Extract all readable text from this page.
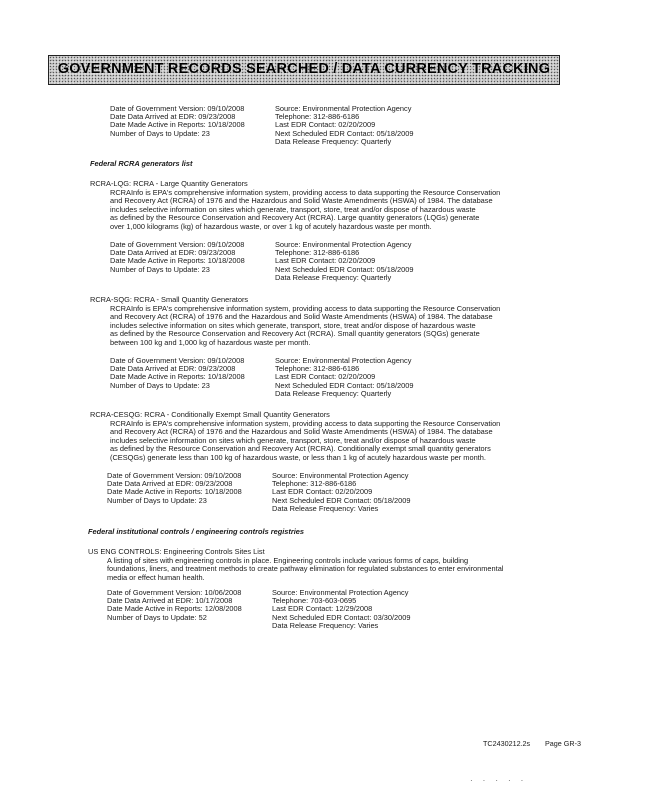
GOVERNMENT RECORDS SEARCHED / DATA CURRENCY TRACKING
Date of Government Version: 09/10/2008
Date Data Arrived at EDR: 09/23/2008
Date Made Active in Reports: 10/18/2008
Number of Days to Update: 23
Source: Environmental Protection Agency
Telephone: 312-886-6186
Last EDR Contact: 02/20/2009
Next Scheduled EDR Contact: 05/18/2009
Data Release Frequency: Quarterly
Federal RCRA generators list
RCRA-LQG: RCRA - Large Quantity Generators
RCRAInfo is EPA's comprehensive information system, providing access to data supporting the Resource Conservation
and Recovery Act (RCRA) of 1976 and the Hazardous and Solid Waste Amendments (HSWA) of 1984. The database
includes selective information on sites which generate, transport, store, treat and/or dispose of hazardous waste
as defined by the Resource Conservation and Recovery Act (RCRA). Large quantity generators (LQGs) generate
over 1,000 kilograms (kg) of hazardous waste, or over 1 kg of acutely hazardous waste per month.
Date of Government Version: 09/10/2008
Date Data Arrived at EDR: 09/23/2008
Date Made Active in Reports: 10/18/2008
Number of Days to Update: 23
Source: Environmental Protection Agency
Telephone: 312-886-6186
Last EDR Contact: 02/20/2009
Next Scheduled EDR Contact: 05/18/2009
Data Release Frequency: Quarterly
RCRA-SQG: RCRA - Small Quantity Generators
RCRAInfo is EPA's comprehensive information system, providing access to data supporting the Resource Conservation
and Recovery Act (RCRA) of 1976 and the Hazardous and Solid Waste Amendments (HSWA) of 1984. The database
includes selective information on sites which generate, transport, store, treat and/or dispose of hazardous waste
as defined by the Resource Conservation and Recovery Act (RCRA). Small quantity generators (SQGs) generate
between 100 kg and 1,000 kg of hazardous waste per month.
Date of Government Version: 09/10/2008
Date Data Arrived at EDR: 09/23/2008
Date Made Active in Reports: 10/18/2008
Number of Days to Update: 23
Source: Environmental Protection Agency
Telephone: 312-886-6186
Last EDR Contact: 02/20/2009
Next Scheduled EDR Contact: 05/18/2009
Data Release Frequency: Quarterly
RCRA-CESQG: RCRA - Conditionally Exempt Small Quantity Generators
RCRAInfo is EPA's comprehensive information system, providing access to data supporting the Resource Conservation
and Recovery Act (RCRA) of 1976 and the Hazardous and Solid Waste Amendments (HSWA) of 1984. The database
includes selective information on sites which generate, transport, store, treat and/or dispose of hazardous waste
as defined by the Resource Conservation and Recovery Act (RCRA). Conditionally exempt small quantity generators
(CESQGs) generate less than 100 kg of hazardous waste, or less than 1 kg of acutely hazardous waste per month.
Date of Government Version: 09/10/2008
Date Data Arrived at EDR: 09/23/2008
Date Made Active in Reports: 10/18/2008
Number of Days to Update: 23
Source: Environmental Protection Agency
Telephone: 312-886-6186
Last EDR Contact: 02/20/2009
Next Scheduled EDR Contact: 05/18/2009
Data Release Frequency: Varies
Federal institutional controls / engineering controls registries
US ENG CONTROLS: Engineering Controls Sites List
A listing of sites with engineering controls in place. Engineering controls include various forms of caps, building
foundations, liners, and treatment methods to create pathway elimination for regulated substances to enter environmental
media or effect human health.
Date of Government Version: 10/06/2008
Date Data Arrived at EDR: 10/17/2008
Date Made Active in Reports: 12/08/2008
Number of Days to Update: 52
Source: Environmental Protection Agency
Telephone: 703-603-0695
Last EDR Contact: 12/29/2008
Next Scheduled EDR Contact: 03/30/2009
Data Release Frequency: Varies
TC2430212.2s Page GR-3
·····
